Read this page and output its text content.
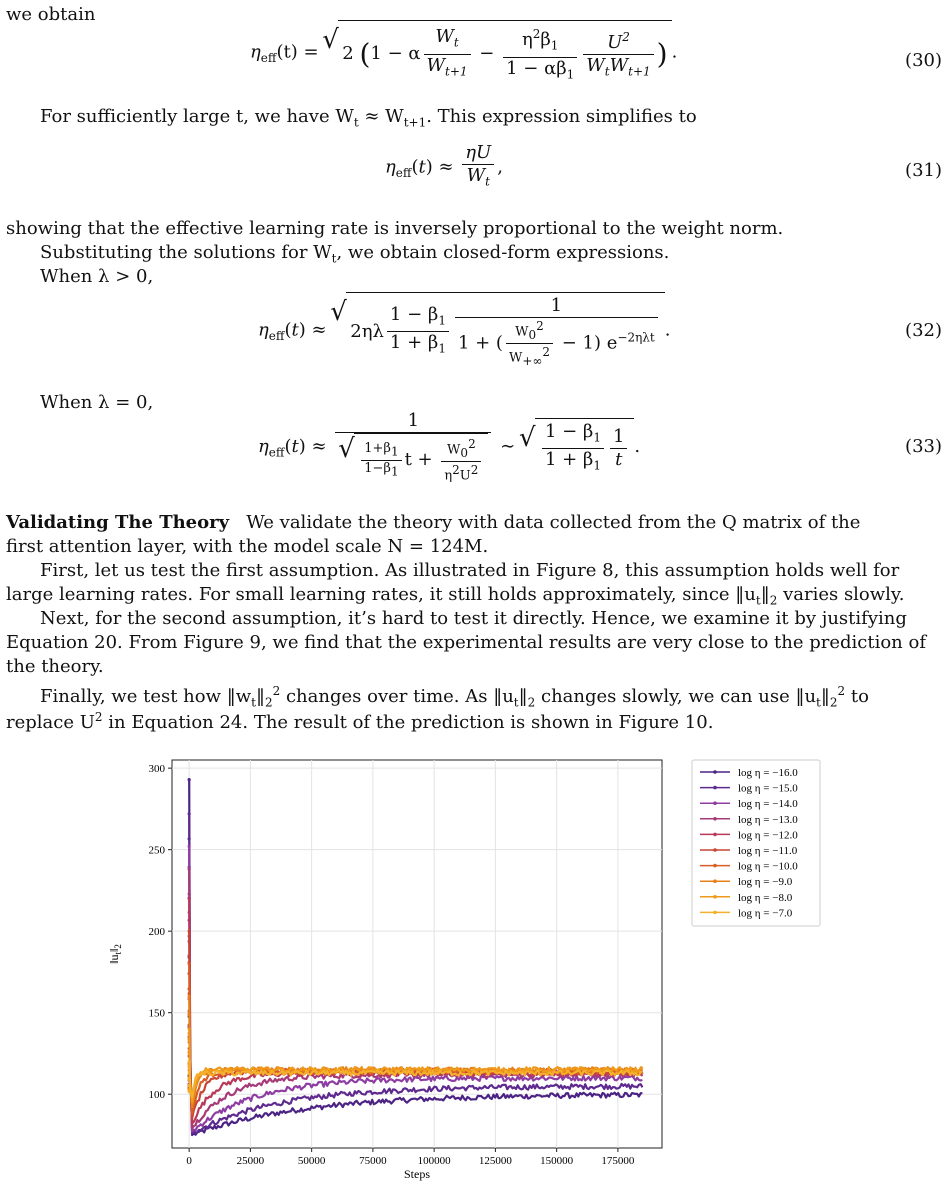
we obtain
$\eta_{eff}(t)$ = √ 2 (1 − α $\frac{W_t}{W_{t+1}} - \frac{\eta^2\beta_1}{1 - \alpha\beta_1} \frac{U^2}{W_tW_{t+1}}$ ) .	(30)
For sufficiently large t, we have $W_t \approx W_{t+1}$. This expression simplifies to
$\eta_{eff}(t) \approx \frac{\eta U}{W_t}$ ,	(31)
showing that the effective learning rate is inversely proportional to the weight norm.
Substituting the solutions for $W_t$, we obtain closed-form expressions.
When λ > 0,
$\eta_{eff}(t)$ ≈ √ $2\eta\lambda \frac{1 - \beta_1}{1 + \beta_1} \frac{1}{1 + ( \frac{W_0^2}{W_{+\infty}^2} - 1) e^{-2\eta\lambda t}}$ .	(32)
When λ = 0,
$\eta_{eff}(t) \approx 1$
√ $\frac{1+\beta_1}{1-\beta_1}$ $t + \frac{W_0^2}{\eta^2U^2}$ ∼ √ $\frac{1 - \beta_1}{1 + \beta_1} \frac{1}{t}$ .	(33)
Validating The Theory We validate the theory with data collected from the Q matrix of the
first attention layer, with the model scale N = 124M.
First, let us test the first assumption. As illustrated in Figure 8, this assumption holds well for
large learning rates. For small learning rates, it still holds approximately, since $‖u_t‖_2$ varies slowly.
Next, for the second assumption, it’s hard to test it directly. Hence, we examine it by justifying
Equation 20. From Figure 9, we find that the experimental results are very close to the prediction of
the theory.
Finally, we test how $‖w_t‖_2^2$ changes over time. As $‖u_t‖_2$ changes slowly, we can use $‖u_t‖_2^2$ to
replace $U^2$ in Equation 24. The result of the prediction is shown in Figure 10.
0	25000	50000	75000	100000	125000	150000	175000
100
150
200
250
300
Steps
$‖u_t‖_2$
log η = −16.0
log η = −15.0
log η = −14.0
log η = −13.0
log η = −12.0
log η = −11.0
log η = −10.0
log η = −9.0
log η = −8.0
log η = −7.0
